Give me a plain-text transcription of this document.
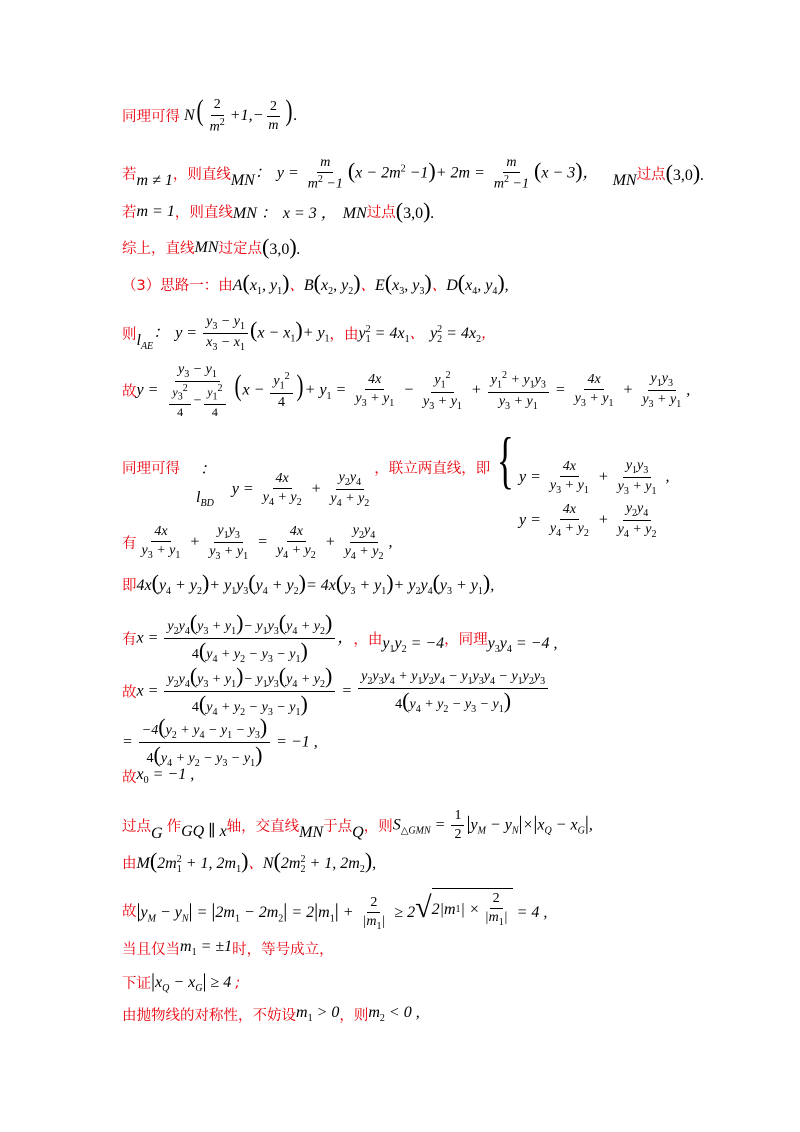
同理可得 $N( \frac{2}{m^2} +1,- \frac{2}{m}$ ).
若 m ≠ 1 ，则直线 MN ： $y = \frac{m}{m^2 -1} (x - 2m^2 -1)+ 2m = \frac{m}{m^2 -1} (x - 3)$， MN 过点 (3,0).
若 m = 1 ，则直线 MN ： x = 3 ， MN 过点 (3,0).
综上，直线 MN 过定点 (3,0).
（3）思路一：由 $A(x_1$, $y_1$)、$B(x_2$, $y_2$)、$E(x_3$, $y_3$)、$D(x_4$, $y_4$),
则 $l_{AE}$
： $y = \frac{y_3 - y_1}{x_3 - x_1} (x - x_1)+ y_1$ ，由 $y_1^2 = 4x_1$、 $y_2^2 = 4x_2$，
故 $y = \frac{y_3 - y_1}{\frac{y_3^2}{4} - \frac{y_1^2}{4}} (x - \frac{y_1^2}{4}$ )+ $y_1 = \frac{4x}{y_3 + y_1} - \frac{y_1^2}{y_3 + y_1} + \frac{y_1^2 + y_1y_3}{y_3 + y_1} = \frac{4x}{y_3 + y_1} + \frac{y_1y_3}{y_3 + y_1}$ ,
同理可得 ：
$l_{BD}$
$y = \frac{4x}{y_4 + y_2} + \frac{y_2y_4}{y_4 + y_2}$
，联立两直线，即 { $y = \frac{4x}{y_3 + y_1} + \frac{y_1y_3}{y_3 + y_1}$
$y = \frac{4x}{y_4 + y_2} + \frac{y_2y_4}{y_4 + y_2}$
,
有 $\frac{4x}{y_3 + y_1} + \frac{y_1y_3}{y_3 + y_1} = \frac{4x}{y_4 + y_2} + \frac{y_2y_4}{y_4 + y_2}$ ,
即 $4x(y_4 + y_2)+ y_1y_3(y_4 + y_2)= 4x(y_3 + y_1)+ y_2y_4(y_3 + y_1)$,
有 $x = \frac{y_2y_4(y_3 + y_1)- y_1y_3(y_4 + y_2)}{4(y_4 + y_2 - y_3 - y_1)}$ ， ，由 $y_1y_2 = -4$ ，同理 $y_3y_4 = -4$ ,
故 $x = \frac{y_2y_4(y_3 + y_1)- y_1y_3(y_4 + y_2)}{4(y_4 + y_2 - y_3 - y_1)} = \frac{y_2y_3y_4 + y_1y_2y_4 - y_1y_3y_4 - y_1y_2y_3}{4(y_4 + y_2 - y_3 - y_1)}$
= $\frac{-4(y_2 + y_4 - y_1 - y_3)}{4(y_4 + y_2 - y_3 - y_1)} = -1$ ,
故 $x_0 = -1$ ,
过点 G 作 GQ ∥ x 轴，交直线 MN 于点 Q ，则 $S_{\triangle GMN} = \frac{1}{2} |y_M - y_N|\times|x_Q - x_G|$,
由 $M(2m_1^2 + 1$, $2m_1$)、$N(2m_2^2 + 1$, $2m_2$),
故 $|y_M - y_N| = |2m_1 - 2m_2| = 2|m_1| + \frac{2}{|m_1|} \ge 2$ √ 2|m 1 | × $\frac{2}{|m_1|} = 4$ ,
当且仅当 $m_1 = \pm 1$ 时，等号成立，
下证 $|x_Q - x_G| \ge 4$ ;
由抛物线的对称性，不妨设 $m_1 > 0$ ，则 $m_2 < 0$ ,
